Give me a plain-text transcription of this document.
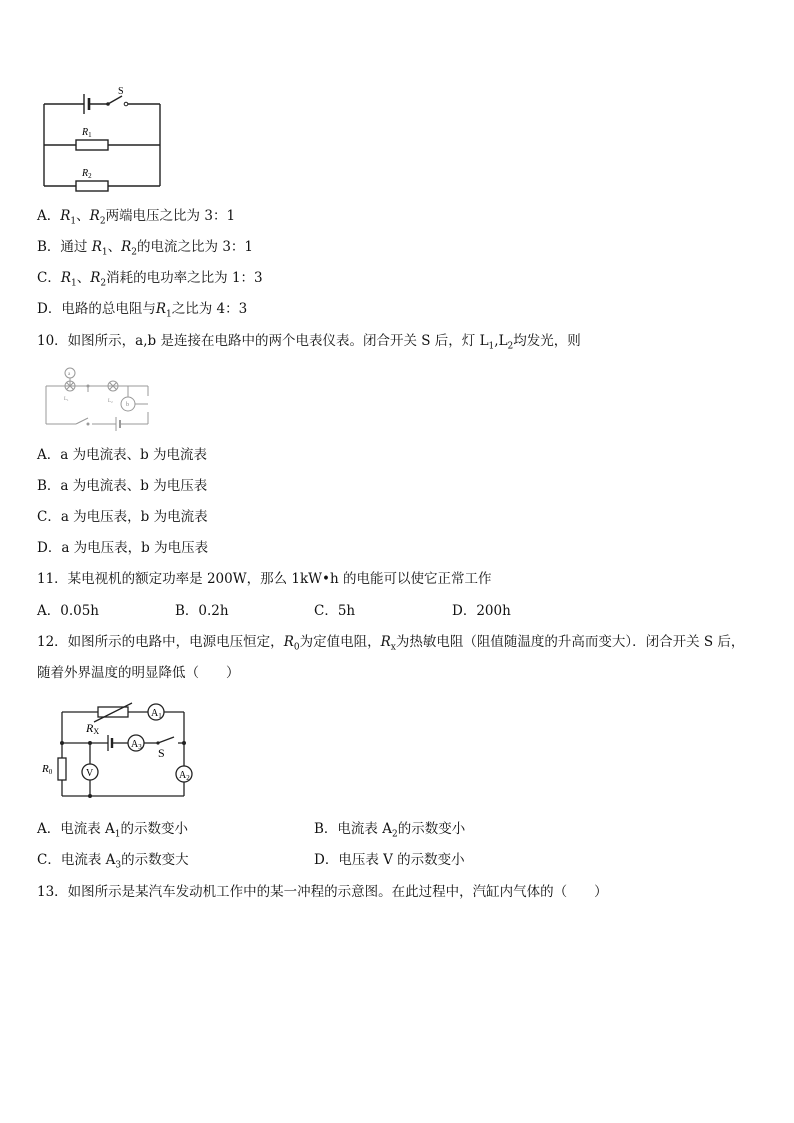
S
$R_1$
$R_2$
A．$R_1$、$R_2$两端电压之比为 3：1
B．通过 $R_1$、$R_2$的电流之比为 3：1
C．$R_1$、$R_2$消耗的电功率之比为 1：3
D．电路的总电阻与$R_1$之比为 4：3
10．如图所示，a,b 是连接在电路中的两个电表仪表。闭合开关 S 后，灯 $L_1,L_2$均发光，则
a
b
L₁	L₂
A．a 为电流表、b 为电流表
B．a 为电流表、b 为电压表
C．a 为电压表，b 为电流表
D．a 为电压表，b 为电压表
11．某电视机的额定功率是 200W，那么 1kW•h 的电能可以使它正常工作
A．0.05h	B．0.2h	C．5h	D．200h
12．如图所示的电路中，电源电压恒定，$R_0$为定值电阻，$R_x$为热敏电阻（阻值随温度的升高而变大）．闭合开关 S 后，
随着外界温度的明显降低（　　）
$A_1$
$A_3$
$A_2$
V
S
RX
R0
A．电流表 $A_1$的示数变小	B．电流表 $A_2$的示数变小
C．电流表 $A_3$的示数变大	D．电压表 V 的示数变小
13．如图所示是某汽车发动机工作中的某一冲程的示意图。在此过程中，汽缸内气体的（　　）
